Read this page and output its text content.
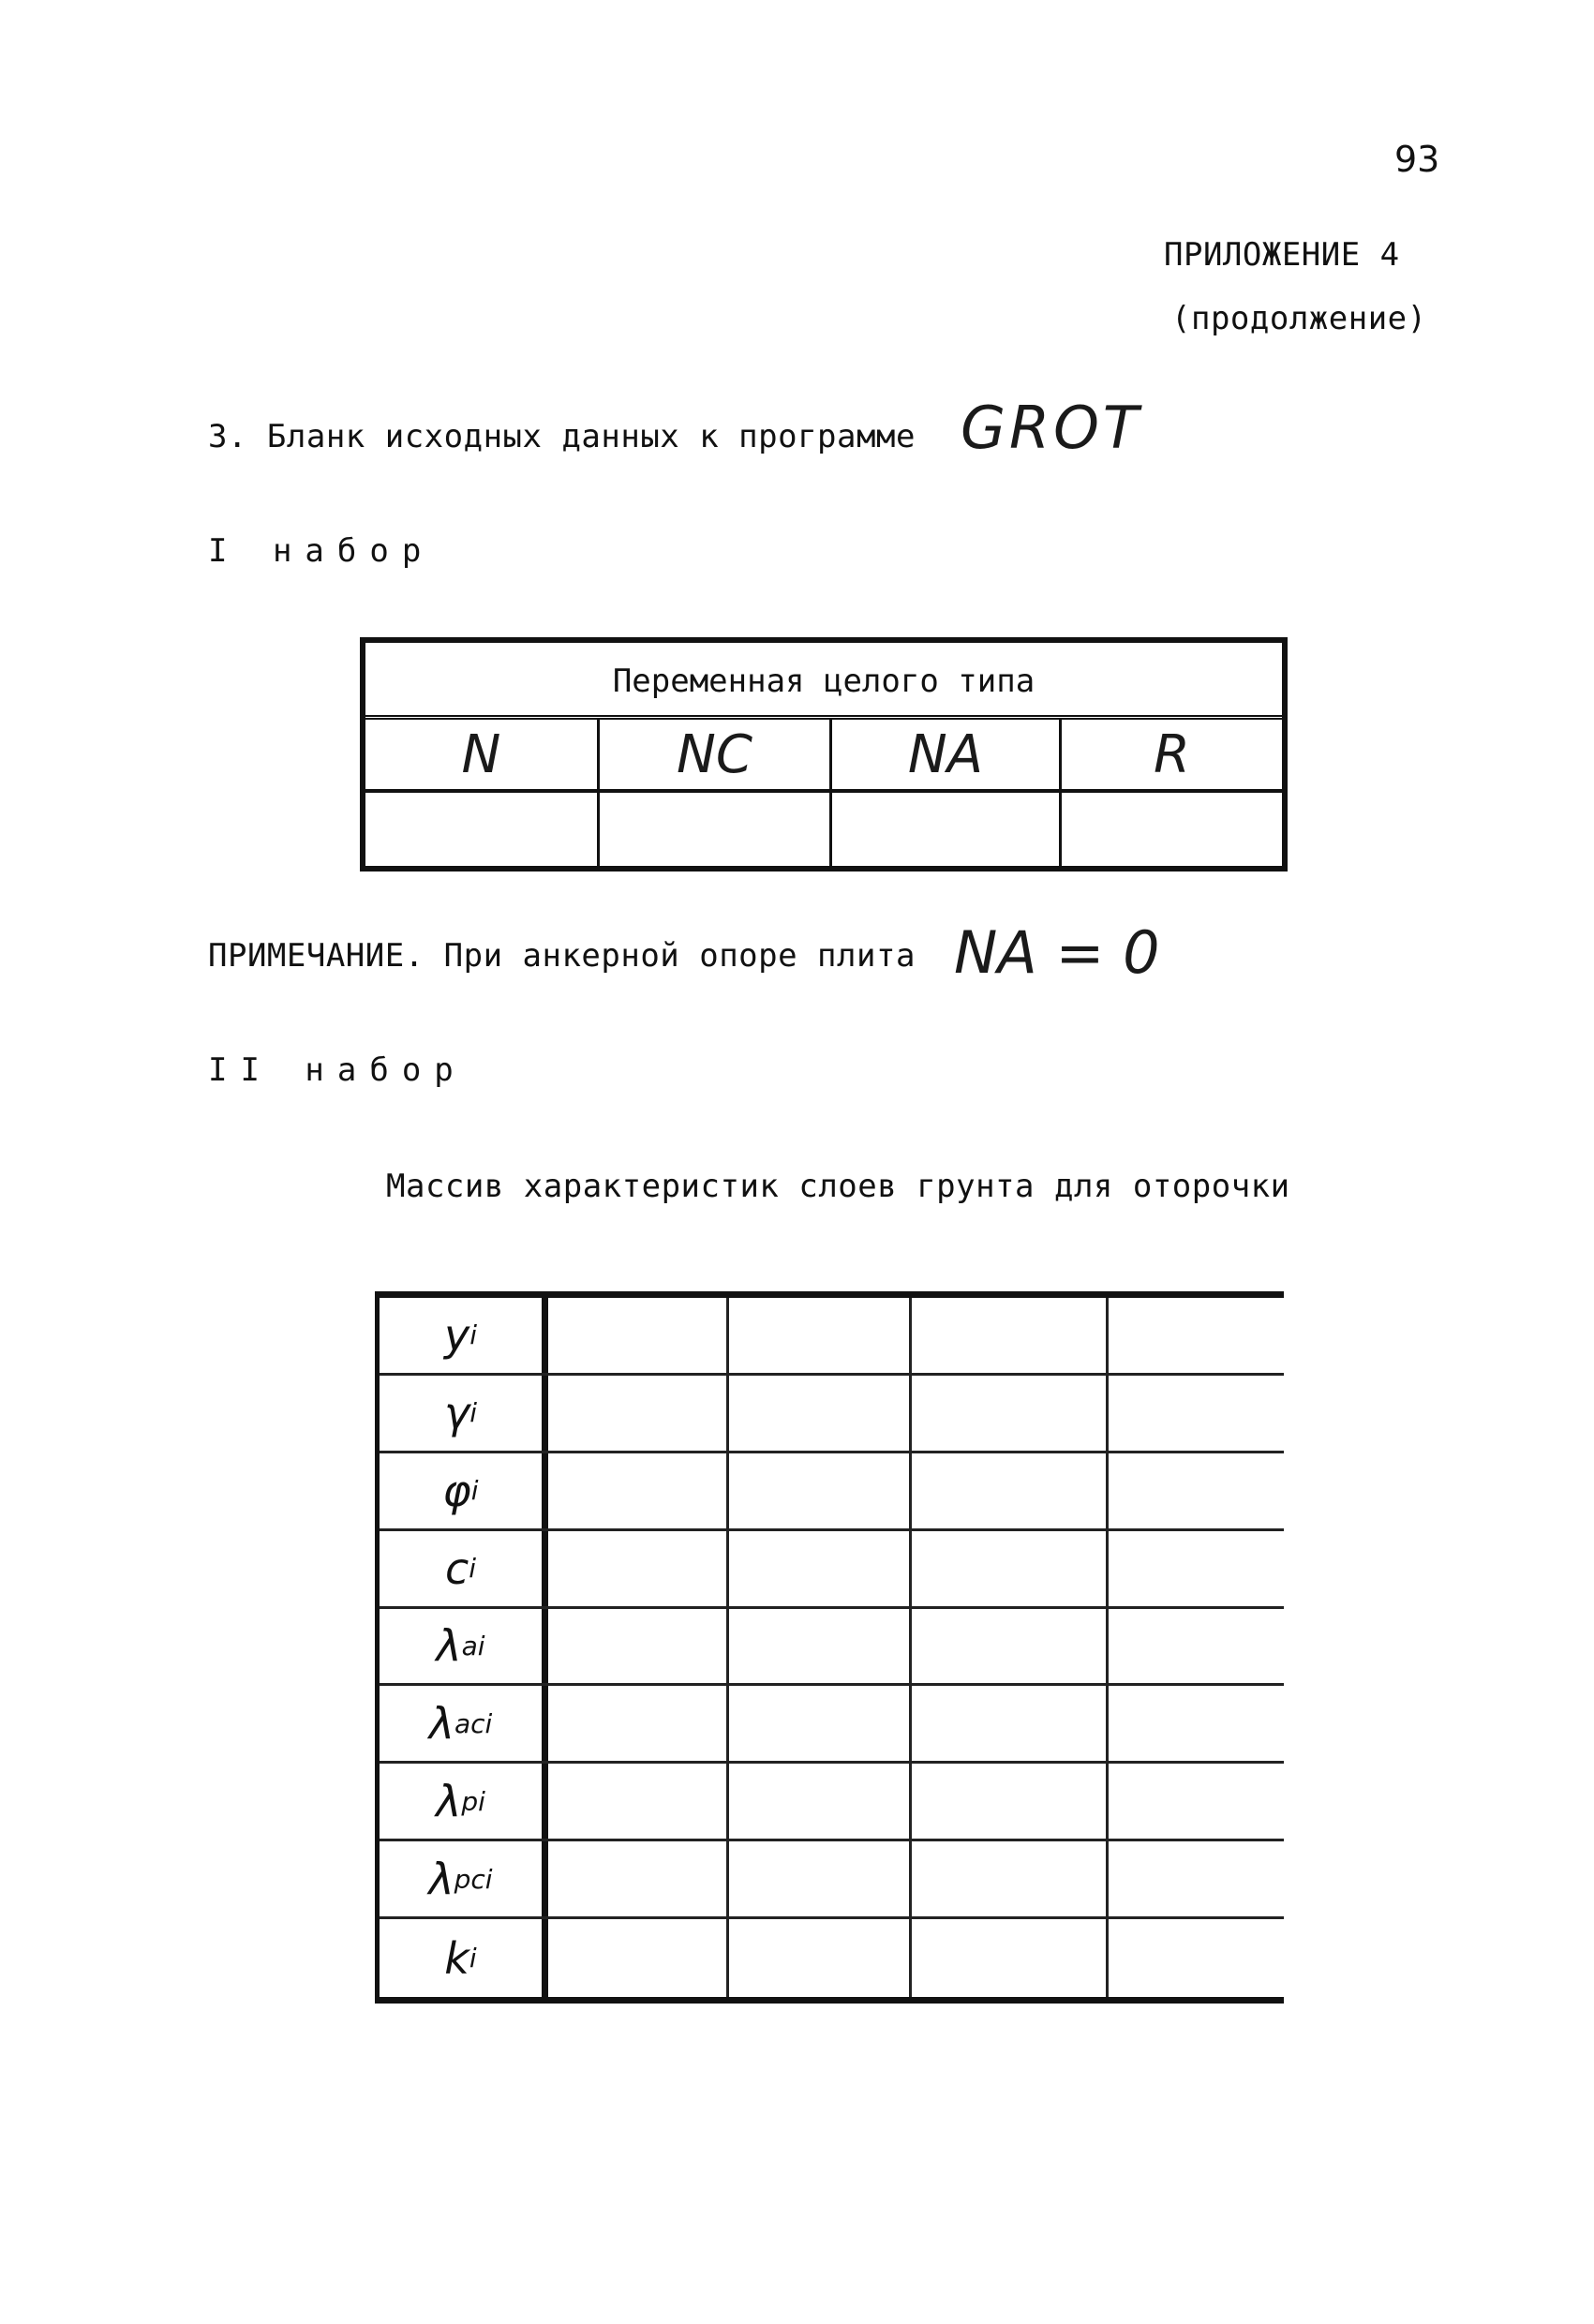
93
ПРИЛОЖЕНИЕ 4
(продолжение)
3. Бланк исходных данных к программе GROT
I набор
Переменная целого типа
N	NC	NA	R
ПРИМЕЧАНИЕ. При анкерной опоре плита NA = 0
II набор
Массив характеристик слоев грунта для оторочки
y i
γ i
φ i
c i
λ ai
λ aci
λ pi
λ pci
k i
